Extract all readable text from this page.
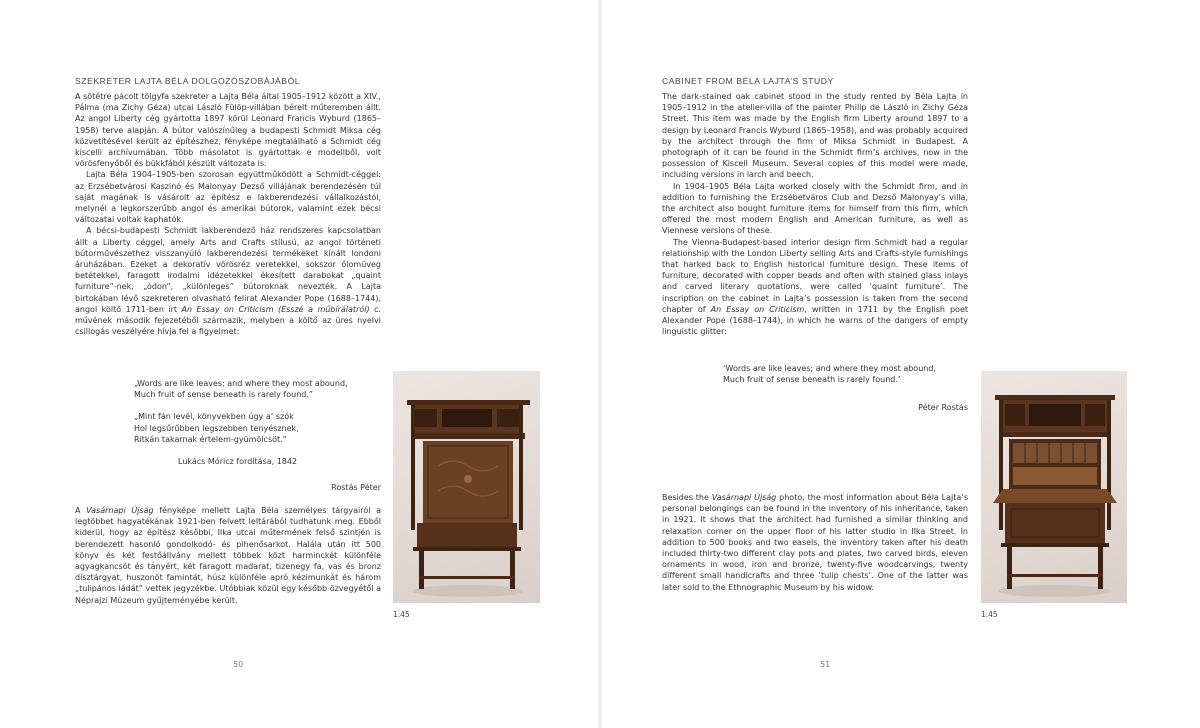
SZEKRETER LAJTA BÉLA DOLGOZÓSZOBÁJÁBÓL

A sötétre pácolt tölgyfa szekreter a Lajta Béla által 1905–1912 között a XIV., Pálma (ma Zichy Géza) utcai László Fülöp-villában bérelt műteremben állt. Az angol Liberty cég gyártotta 1897 körül Leonard Francis Wyburd (1865–1958) terve alapján. A bútor valószínűleg a budapesti Schmidt Miksa cég közvetítésével került az építészhez, fényképe megtalálható a Schmidt cég kiscelli archívumában. Több másolatot is gyártottak e modellből, volt vörösfenyőből és bükkfából készült változata is.

Lajta Béla 1904–1905-ben szorosan együttműködött a Schmidt-céggel: az Erzsébetvárosi Kaszinó és Malonyay Dezső villájának berendezésén túl saját magának is vásárolt az építész e lakberendezési vállalkozástól, melynél a legkorszerűbb angol és amerikai bútorok, valamint ezek bécsi változatai voltak kaphatók.

A bécsi-budapesti Schmidt lakberendező ház rendszeres kapcsolatban állt a Liberty céggel, amely Arts and Crafts stílusú, az angol történeti bútorművészethez visszanyúló lakberendezési termékeket kínált londoni áruházában. Ezeket a dekoratív vörösréz veretekkel, sokszor ólomüveg betétekkel, faragott irodalmi idézetekkel ékesített darabokat „quaint furniture”-nek, „ódon”, „különleges” bútoroknak nevezték. A Lajta birtokában lévő szekreteren olvasható felirat Alexander Pope (1688–1744), angol költő 1711-ben írt An Essay on Criticism (Esszé a műbírálatról) c. művének második fejezetéből származik, melyben a költő az üres nyelvi csillogás veszélyére hívja fel a figyelmet:

„Words are like leaves; and where they most abound,
Much fruit of sense beneath is rarely found.”

„Mint fán levél, könyvekben úgy a’ szók
Hol legsűrűbben legszebben tenyésznek,
Ritkán takarnak értelem-gyümölcsöt.”

Lukács Móricz fordítása, 1842
Rostás Péter

A Vasárnapi Újság fényképe mellett Lajta Béla személyes tárgyairól a legtöbbet hagyatékának 1921-ben felvett leltárából tudhatunk meg. Ebből kiderül, hogy az építész későbbi, Ilka utcai műtermének felső szintjén is berendezett hasonló gondolkodó- és pihenősarkot. Halála után itt 500 könyv és két festőállvány mellett többek közt harminckét különféle agyagkancsót és tányért, két faragott madarat, tizenegy fa, vas és bronz dísztárgyat, huszonöt famintát, húsz különféle apró kézimunkát és három „tulipános ládát” vettek jegyzékbe. Utóbbiak közül egy később özvegyétől a Néprajzi Múzeum gyűjteményébe került.

1.45
50
CABINET FROM BÉLA LAJTA’S STUDY

The dark-stained oak cabinet stood in the study rented by Béla Lajta in 1905–1912 in the atelier-villa of the painter Philip de László in Zichy Géza Street. This item was made by the English firm Liberty around 1897 to a design by Leonard Francis Wyburd (1865–1958), and was probably acquired by the architect through the firm of Miksa Schmidt in Budapest. A photograph of it can be found in the Schmidt firm’s archives, now in the possession of Kiscell Museum. Several copies of this model were made, including versions in larch and beech.

In 1904–1905 Béla Lajta worked closely with the Schmidt firm, and in addition to furnishing the Erzsébetváros Club and Dezső Malonyay’s villa, the architect also bought furniture items for himself from this firm, which offered the most modern English and American furniture, as well as Viennese versions of these.

The Vienna-Budapest-based interior design firm Schmidt had a regular relationship with the London Liberty selling Arts and Crafts-style furnishings that harked back to English historical furniture design. These items of furniture, decorated with copper beads and often with stained glass inlays and carved literary quotations, were called ‘quaint furniture’. The inscription on the cabinet in Lajta’s possession is taken from the second chapter of An Essay on Criticism, written in 1711 by the English poet Alexander Pope (1688–1744), in which he warns of the dangers of empty linguistic glitter:

‘Words are like leaves; and where they most abound,
Much fruit of sense beneath is rarely found.’

Péter Rostás

Besides the Vasárnapi Újság photo, the most information about Béla Lajta’s personal belongings can be found in the inventory of his inheritance, taken in 1921. It shows that the architect had furnished a similar thinking and relaxation corner on the upper floor of his latter studio in Ilka Street. In addition to 500 books and two easels, the inventory taken after his death included thirty-two different clay pots and plates, two carved birds, eleven ornaments in wood, iron and bronze, twenty-five woodcarvings, twenty different small handicrafts and three ‘tulip chests’. One of the latter was later sold to the Ethnographic Museum by his widow.

1.45
51
